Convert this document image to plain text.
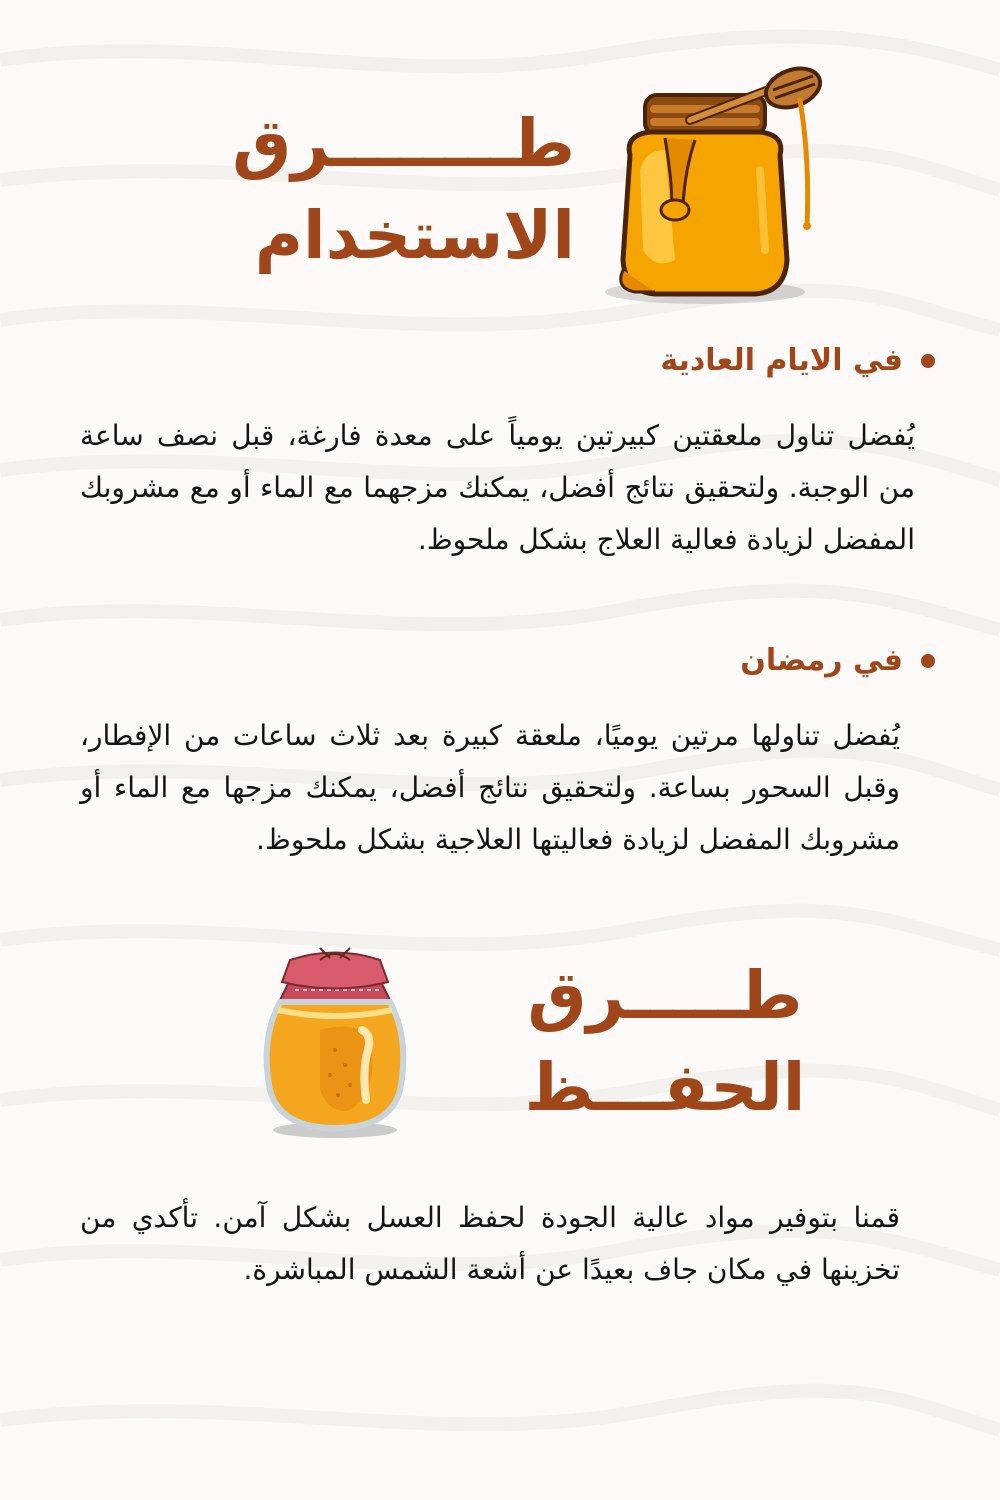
طــــــــرق
الاستخدام
في الايام العادية
يُفضل تناول ملعقتين كبيرتين يومياً على معدة فارغة، قبل نصف ساعة من الوجبة. ولتحقيق نتائج أفضل، يمكنك مزجهما مع الماء أو مع مشروبك المفضل لزيادة فعالية العلاج بشكل ملحوظ.
في رمضان
يُفضل تناولها مرتين يوميًا، ملعقة كبيرة بعد ثلاث ساعات من الإفطار، وقبل السحور بساعة. ولتحقيق نتائج أفضل، يمكنك مزجها مع الماء أو مشروبك المفضل لزيادة فعاليتها العلاجية بشكل ملحوظ.
طـــــرق
الحفـــظ
قمنا بتوفير مواد عالية الجودة لحفظ العسل بشكل آمن. تأكدي من تخزينها في مكان جاف بعيدًا عن أشعة الشمس المباشرة.
